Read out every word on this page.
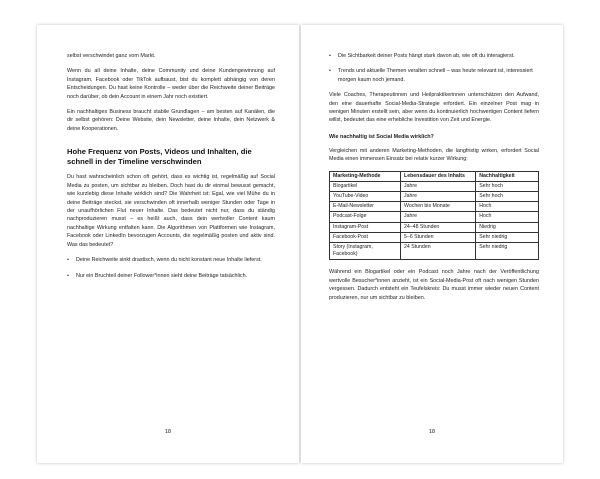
selbst verschwindet ganz vom Markt.

Wenn du all deine Inhalte, deine Community und deine Kundengewinnung auf Instagram, Facebook oder TikTok aufbaust, bist du komplett abhängig von deren Entscheidungen. Du hast keine Kontrolle – weder über die Reichweite deiner Beiträge noch darüber, ob dein Account in einem Jahr noch existiert.

Ein nachhaltiges Business braucht stabile Grundlagen – am besten auf Kanälen, die dir selbst gehören: Deine Website, dein Newsletter, deine Inhalte, dein Netzwerk & deine Kooperationen.

Hohe Frequenz von Posts, Videos und Inhalten, die schnell in der Timeline verschwinden

Du hast wahrscheinlich schon oft gehört, dass es wichtig ist, regelmäßig auf Social Media zu posten, um sichtbar zu bleiben. Doch hast du dir einmal bewusst gemacht, wie kurzlebig diese Inhalte wirklich sind? Die Wahrheit ist: Egal, wie viel Mühe du in deine Beiträge steckst, sie verschwinden oft innerhalb weniger Stunden oder Tage in der unaufhörlichen Flut neuer Inhalte. Das bedeutet nicht nur, dass du ständig nachproduzieren musst – es heißt auch, dass dein wertvoller Content kaum nachhaltige Wirkung entfalten kann. Die Algorithmen von Plattformen wie Instagram, Facebook oder LinkedIn bevorzugen Accounts, die regelmäßig posten und aktiv sind. Was das bedeutet?

• Deine Reichweite sinkt drastisch, wenn du nicht konstant neue Inhalte lieferst.
• Nur ein Bruchteil deiner Follower*innen sieht deine Beiträge tatsächlich.
18
• Die Sichtbarkeit deiner Posts hängt stark davon ab, wie oft du interagierst.
• Trends und aktuelle Themen veralten schnell – was heute relevant ist, interessiert morgen kaum noch jemand.

Viele Coaches, Therapeutinnen und Heilpraktikerinnen unterschätzen den Aufwand, den eine dauerhafte Social-Media-Strategie erfordert. Ein einzelner Post mag in wenigen Minuten erstellt sein, aber wenn du kontinuierlich hochwertigen Content liefern willst, bedeutet das eine erhebliche Investition von Zeit und Energie.

Wie nachhaltig ist Social Media wirklich?

Vergleichen mit anderen Marketing-Methoden, die langfristig wirken, erfordert Social Media einen immensen Einsatz bei relativ kurzer Wirkung:

Marketing-Methode	Lebensdauer des Inhalts	Nachhaltigkeit
Blogartikel	Jahre	Sehr hoch
YouTube-Video	Jahre	Sehr hoch
E-Mail-Newsletter	Wochen bis Monate	Hoch
Podcast-Folge	Jahre	Hoch
Instagram-Post	24–48 Stunden	Niedrig
Facebook-Post	5–6 Stunden	Sehr niedrig
Story (Instagram, Facebook)	24 Stunden	Sehr niedrig

Während ein Blogartikel oder ein Podcast noch Jahre nach der Veröffentlichung wertvolle Besucher*innen anzieht, ist ein Social-Media-Post oft nach wenigen Stunden vergessen. Dadurch entsteht ein Teufelskreis: Du musst immer wieder neuen Content produzieren, nur um sichtbar zu bleiben.

18
